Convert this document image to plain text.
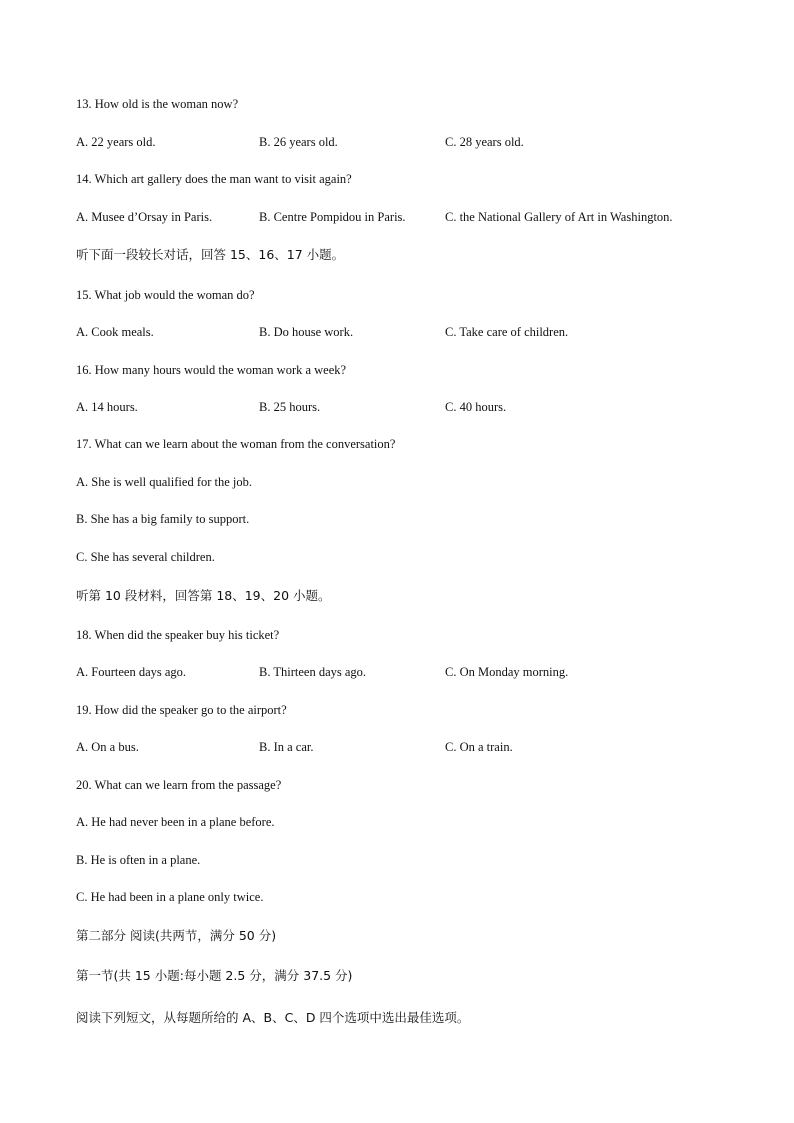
13. How old is the woman now?
A. 22 years old.	B. 26 years old.	C. 28 years old.
14. Which art gallery does the man want to visit again?
A. Musee d’Orsay in Paris.	B. Centre Pompidou in Paris.	C. the National Gallery of Art in Washington.
听下面一段较长对话，回答 15、16、17 小题。
15. What job would the woman do?
A. Cook meals.	B. Do house work.	C. Take care of children.
16. How many hours would the woman work a week?
A. 14 hours.	B. 25 hours.	C. 40 hours.
17. What can we learn about the woman from the conversation?
A. She is well qualified for the job.
B. She has a big family to support.
C. She has several children.
听第 10 段材料，回答第 18、19、20 小题。
18. When did the speaker buy his ticket?
A. Fourteen days ago.	B. Thirteen days ago.	C. On Monday morning.
19. How did the speaker go to the airport?
A. On a bus.	B. In a car.	C. On a train.
20. What can we learn from the passage?
A. He had never been in a plane before.
B. He is often in a plane.
C. He had been in a plane only twice.
第二部分 阅读(共两节，满分 50 分)
第一节(共 15 小题:每小题 2.5 分，满分 37.5 分)
阅读下列短文，从每题所给的 A、B、C、D 四个选项中选出最佳选项。
